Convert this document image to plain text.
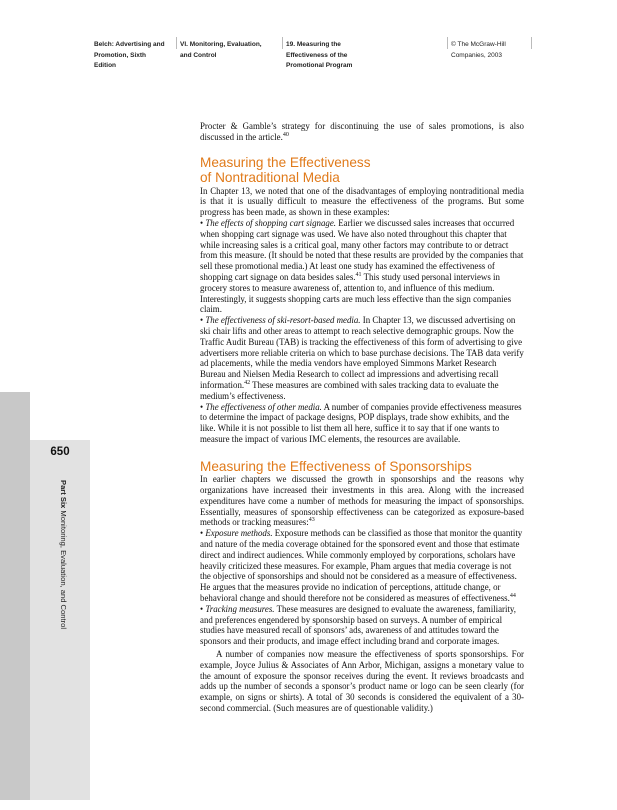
Belch: Advertising and
Promotion, Sixth Edition
VI. Monitoring, Evaluation,
and Control
19. Measuring the
Effectiveness of the
Promotional Program
© The McGraw-Hill
Companies, 2003
650
Part Six Monitoring, Evaluation, and Control

Procter & Gamble’s strategy for discontinuing the use of sales promotions, is also discussed in the article.$^{40}$

Measuring the Effectiveness
of Nontraditional Media

In Chapter 13, we noted that one of the disadvantages of employing nontraditional media is that it is usually difficult to measure the effectiveness of the programs. But some progress has been made, as shown in these examples:

• The effects of shopping cart signage. Earlier we discussed sales increases that occurred when shopping cart signage was used. We have also noted throughout this chapter that while increasing sales is a critical goal, many other factors may contribute to or detract from this measure. (It should be noted that these results are provided by the companies that sell these promotional media.) At least one study has examined the effectiveness of shopping cart signage on data besides sales.$^{41}$ This study used personal interviews in grocery stores to measure awareness of, attention to, and influence of this medium. Interestingly, it suggests shopping carts are much less effective than the sign companies claim.

• The effectiveness of ski-resort-based media. In Chapter 13, we discussed advertising on ski chair lifts and other areas to attempt to reach selective demographic groups. Now the Traffic Audit Bureau (TAB) is tracking the effectiveness of this form of advertising to give advertisers more reliable criteria on which to base purchase decisions. The TAB data verify ad placements, while the media vendors have employed Simmons Market Research Bureau and Nielsen Media Research to collect ad impressions and advertising recall information.$^{42}$ These measures are combined with sales tracking data to evaluate the medium’s effectiveness.

• The effectiveness of other media. A number of companies provide effectiveness measures to determine the impact of package designs, POP displays, trade show exhibits, and the like. While it is not possible to list them all here, suffice it to say that if one wants to measure the impact of various IMC elements, the resources are available.

Measuring the Effectiveness of Sponsorships

In earlier chapters we discussed the growth in sponsorships and the reasons why organizations have increased their investments in this area. Along with the increased expenditures have come a number of methods for measuring the impact of sponsorships. Essentially, measures of sponsorship effectiveness can be categorized as exposure-based methods or tracking measures:$^{43}$

• Exposure methods. Exposure methods can be classified as those that monitor the quantity and nature of the media coverage obtained for the sponsored event and those that estimate direct and indirect audiences. While commonly employed by corporations, scholars have heavily criticized these measures. For example, Pham argues that media coverage is not the objective of sponsorships and should not be considered as a measure of effectiveness. He argues that the measures provide no indication of perceptions, attitude change, or behavioral change and should therefore not be considered as measures of effectiveness.$^{44}$

• Tracking measures. These measures are designed to evaluate the awareness, familiarity, and preferences engendered by sponsorship based on surveys. A number of empirical studies have measured recall of sponsors’ ads, awareness of and attitudes toward the sponsors and their products, and image effect including brand and corporate images.

A number of companies now measure the effectiveness of sports sponsorships. For example, Joyce Julius & Associates of Ann Arbor, Michigan, assigns a monetary value to the amount of exposure the sponsor receives during the event. It reviews broadcasts and adds up the number of seconds a sponsor’s product name or logo can be seen clearly (for example, on signs or shirts). A total of 30 seconds is considered the equivalent of a 30-second commercial. (Such measures are of questionable validity.)
